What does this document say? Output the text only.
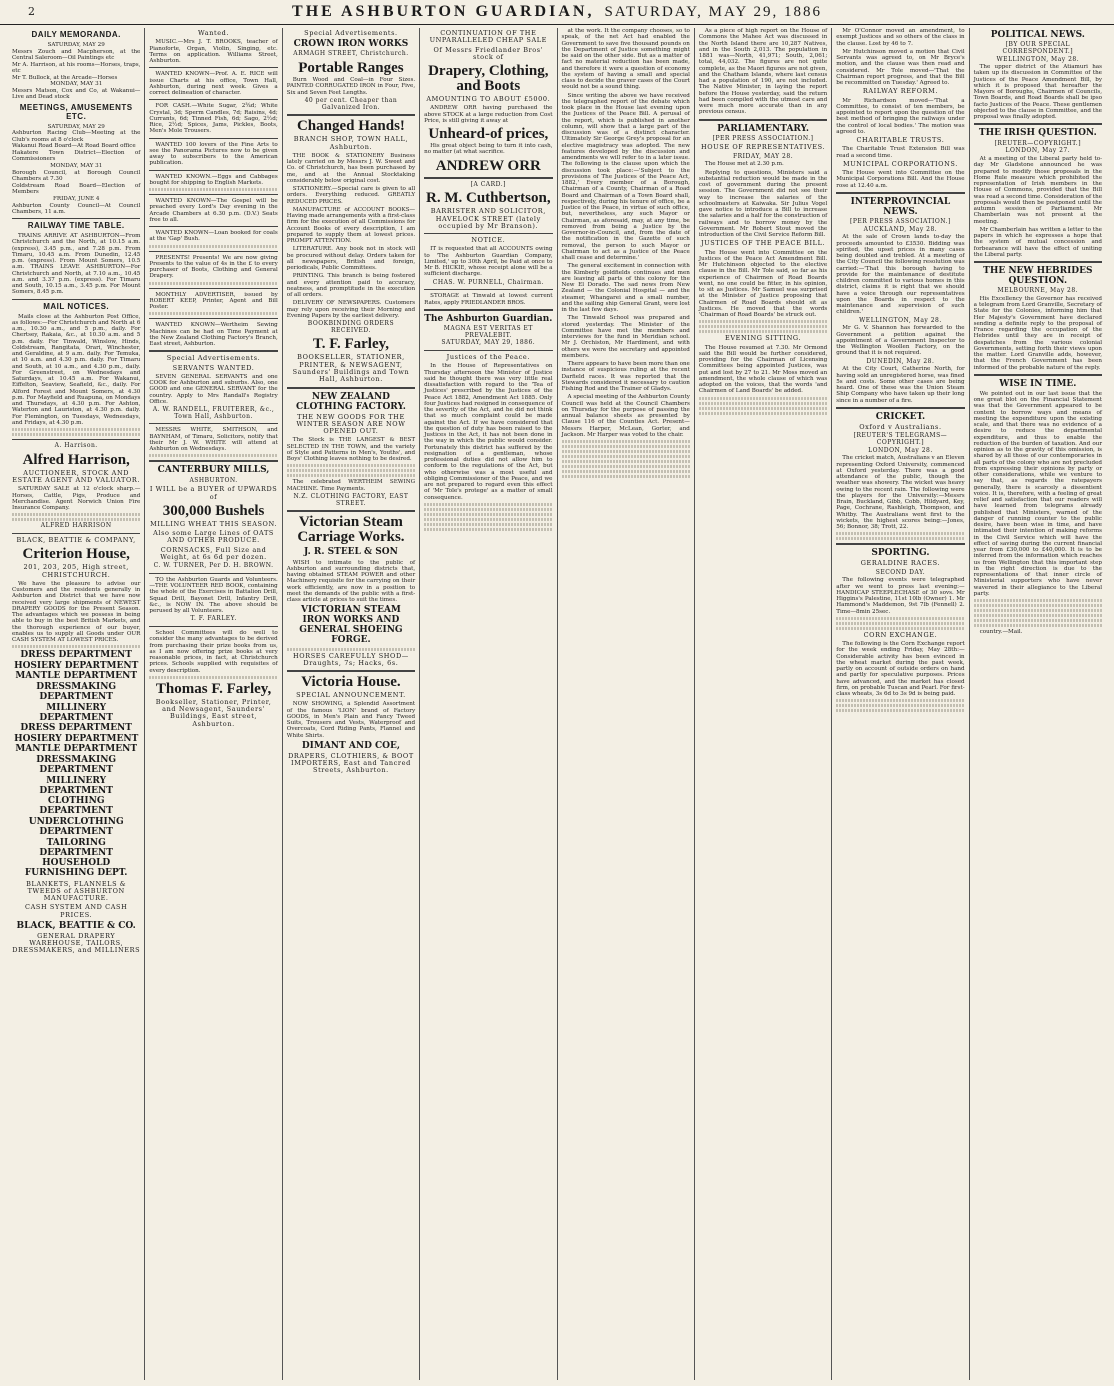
2	THE ASHBURTON GUARDIAN, SATURDAY, MAY 29, 1886
DAILY MEMORANDA.
SATURDAY, MAY 29
Messrs Zouch and Macpherson, at the Central Saleroom—Oil Paintings etc
Mr A. Harrison, at his rooms—Horses, traps, etc
Mr T. Bullock, at the Arcade—Horses
MONDAY, MAY 31
Messrs Matson, Cox and Co, at Wakanui—Live and Dead stock
MEETINGS, AMUSEMENTS ETC.
SATURDAY, MAY 29
Ashburton Racing Club—Meeting at the Club's rooms at 8 o'clock
Wakanui Road Board—At Road Board office
Hakatere Town District—Election of Commissioners
MONDAY, MAY 31
Borough Council, at Borough Council Chambers at 7.30
Coldstream Road Board—Election of Members
FRIDAY, JUNE 4
Ashburton County Council—At Council Chambers, 11 a.m.
RAILWAY TIME TABLE.

TRAINS ARRIVE AT ASHBURTON—From Christchurch and the North, at 10.15 a.m. (express), 3.45 p.m., and 7.28 p.m. From Timaru, 10.45 a.m. From Dunedin, 12.45 p.m. (express). From Mount Somers, 10.5 a.m. TRAINS LEAVE ASHBURTON—For Christchurch and North, at 7.10 a.m., 10.45 a.m. and 3.37 p.m. (express). For Timaru and South, 10.15 a.m., 3.45 p.m. For Mount Somers, 8.45 p.m.

MAIL NOTICES.

Mails close at the Ashburton Post Office, as follows:—For Christchurch and North at 6 a.m., 10.30 a.m., and 5 p.m., daily. For Chertsey, Rakaia, &c., at 10.30 a.m. and 5 p.m. daily. For Tinwald, Winslow, Hinds, Coldstream, Rangitata, Orari, Winchester, and Geraldine, at 9 a.m. daily. For Temuka, at 10 a.m. and 4.30 p.m. daily. For Timaru and South, at 10 a.m., and 4.30 p.m., daily. For Greenstreet, on Wednesdays and Saturdays, at 10.45 a.m. For Wakanui, Eiffelton, Seaview, Seafield, &c., daily. For Alford Forest and Mount Somers, at 4.30 p.m. For Mayfield and Ruapuna, on Mondays and Thursdays, at 4.30 p.m. For Ashton, Waterton and Lauriston, at 4.30 p.m. daily. For Flemington, on Tuesdays, Wednesdays, and Fridays, at 4.30 p.m.

A. Harrison.
Alfred Harrison,
AUCTIONEER, STOCK AND ESTATE AGENT AND VALUATOR.

SATURDAY SALE at 12 o'clock sharp.—Horses, Cattle, Pigs, Produce and Merchandise. Agent Norwich Union Fire Insurance Company.

ALFRED HARRISON
BLACK, BEATTIE & COMPANY,
Criterion House,
201, 203, 205, High street, CHRISTCHURCH.

We have the pleasure to advise our Customers and the residents generally in Ashburton and District that we have now received very large shipments of NEWEST DRAPERY GOODS for the Present Season. The advantages which we possess in being able to buy in the best British Markets, and the thorough experience of our buyer, enables us to supply all Goods under OUR CASH SYSTEM AT LOWEST PRICES.

DRESS DEPARTMENT
HOSIERY DEPARTMENT
MANTLE DEPARTMENT
DRESSMAKING DEPARTMENT
MILLINERY DEPARTMENT
DRESS DEPARTMENT
HOSIERY DEPARTMENT
MANTLE DEPARTMENT
DRESSMAKING DEPARTMENT
MILLINERY DEPARTMENT
CLOTHING DEPARTMENT
UNDERCLOTHING DEPARTMENT
TAILORING DEPARTMENT
HOUSEHOLD FURNISHING DEPT.
BLANKETS, FLANNELS & TWEEDS of ASHBURTON MANUFACTURE.
CASH SYSTEM AND CASH PRICES.
BLACK, BEATTIE & CO.
GENERAL DRAPERY WAREHOUSE, TAILORS, DRESSMAKERS, and MILLINERS
Wanted.

MUSIC.—Mrs J. T. BROOKS, teacher of Pianoforte, Organ, Violin, Singing, etc. Terms on application. Williams Street, Ashburton.

WANTED KNOWN—Prof. A. E. RICE will issue Charts at his office, Town Hall, Ashburton, during next week. Gives a correct delineation of character.

FOR CASH.—White Sugar, 2¾d; White Crystal, 3d; Sperm Candles, 7d; Raisins, 4d; Currants, 6d; Tinned Fish, 6d; Sago, 2½d; Rice, 2½d; Spices, Jams, Pickles, Boots, Men's Mole Trousers.

WANTED 100 lovers of the Fine Arts to see the Panorama Pictures now to be given away to subscribers to the American publication.

WANTED KNOWN.—Eggs and Cabbages bought for shipping to English Markets.

WANTED KNOWN—The Gospel will be preached every Lord's Day evening in the Arcade Chambers at 6.30 p.m. (D.V.) Seats free to all.

WANTED KNOWN—Loan booked for coals at the 'Gap' Bush.

PRESENTS! Presents! We are now giving Presents to the value of 4s in the £ to every purchaser of Boots, Clothing and General Drapery.

MONTHLY ADVERTISER, issued by ROBERT KEEP, Printer, Agent and Bill Poster.

WANTED KNOWN—Wertheim Sewing Machines can be had on Time Payment at the New Zealand Clothing Factory's Branch, East street, Ashburton.

Special Advertisements.
SERVANTS WANTED.

SEVEN GENERAL SERVANTS and one COOK for Ashburton and suburbs. Also, one GOOD and one GENERAL SERVANT for the country. Apply to Mrs Randall's Registry Office.

A. W. RANDELL, FRUITERER, &c., Town Hall, Ashburton.

MESSRS WHITE, SMITHSON, and BAYNHAM, of Timaru, Solicitors, notify that their Mr J. W. WHITE will attend at Ashburton on Wednesdays.

CANTERBURY MILLS,
ASHBURTON.
I WILL be a BUYER of UPWARDS of
300,000 Bushels
MILLING WHEAT THIS SEASON.
Also some Large Lines of OATS AND OTHER PRODUCE.
CORNSACKS, Full Size and Weight, at 6s 6d per dozen.
C. W. TURNER, Per D. H. BROWN.

TO the Ashburton Guards and Volunteers.—THE VOLUNTEER RED BOOK, containing the whole of the Exercises in Battalion Drill, Squad Drill, Bayonet Drill, Infantry Drill, &c., is NOW IN. The above should be perused by all Volunteers.

T. F. FARLEY.

School Committees will do well to consider the many advantages to be derived from purchasing their prize books from us, as I am now offering prize books at very reasonable prices, in fact, at Christchurch prices. Schools supplied with requisites of every description.

Thomas F. Farley,
Bookseller, Stationer, Printer, and Newsagent, Saunders' Buildings, East street, Ashburton.
Special Advertisements.
CROWN IRON WORKS
ARMAGH STREET, Christchurch.
Portable Ranges

Burn Wood and Coal—in Four Sizes. PAINTED CORRUGATED IRON in Four, Five, Six and Seven Feet Lengths.

40 per cent. Cheaper than Galvanized Iron.
Changed Hands!
BRANCH SHOP, TOWN HALL, Ashburton.

THE BOOK & STATIONERY Business lately carried on by Messrs J. W. Sweet and Co. of Christchurch, has been purchased by me, and at the Annual Stocktaking considerably below original cost.

STATIONERY.—Special care is given to all orders. Everything reduced. GREATLY REDUCED PRICES.

MANUFACTURE of ACCOUNT BOOKS—Having made arrangements with a first-class firm for the execution of all Commissions for Account Books of every description, I am prepared to supply them at lowest prices. PROMPT ATTENTION.

LITERATURE. Any book not in stock will be procured without delay. Orders taken for all newspapers, British and foreign, periodicals, Public Committees.

PRINTING. This branch is being fostered and every attention paid to accuracy, neatness, and promptitude in the execution of all orders.

DELIVERY OF NEWSPAPERS. Customers may rely upon receiving their Morning and Evening Papers by the earliest delivery.

BOOKBINDING ORDERS RECEIVED.
T. F. Farley,
BOOKSELLER, STATIONER, PRINTER, & NEWSAGENT, Saunders' Buildings and Town Hall, Ashburton.
NEW ZEALAND CLOTHING FACTORY.
THE NEW GOODS FOR THE WINTER SEASON ARE NOW OPENED OUT.

The Stock is THE LARGEST & BEST SELECTED IN THE TOWN, and the variety of Style and Patterns in Men's, Youths', and Boys' Clothing leaves nothing to be desired.

The celebrated WERTHEIM SEWING MACHINE. Time Payments.

N.Z. CLOTHING FACTORY, EAST STREET.
Victorian Steam Carriage Works.
J. R. STEEL & SON

WISH to intimate to the public of Ashburton and surrounding districts that, having obtained STEAM POWER and other Machinery requisite for the carrying on their work efficiently, are now in a position to meet the demands of the public with a first-class article at prices to suit the times.

VICTORIAN STEAM IRON WORKS AND GENERAL SHOEING FORGE.
HORSES CAREFULLY SHOD—Draughts, 7s; Hacks, 6s.
Victoria House.
SPECIAL ANNOUNCEMENT.

NOW SHOWING, a Splendid Assortment of the famous 'LION' brand of Factory GOODS, in Men's Plain and Fancy Tweed Suits, Trousers and Vests, Waterproof and Overcoats, Cord Riding Pants, Flannel and White Shirts.

DIMANT AND COE,
DRAPERS, CLOTHIERS, & BOOT IMPORTERS, East and Tancred Streets, Ashburton.
CONTINUATION OF THE UNPARALLELED CHEAP SALE
Of Messrs Friedlander Bros' stock of
Drapery, Clothing, and Boots
AMOUNTING TO ABOUT £5000.

ANDREW ORR having purchased the above STOCK at a large reduction from Cost Price, is still giving it away at

Unheard-of prices,

His great object being to turn it into cash, no matter (at what sacrifice.

ANDREW ORR
[A CARD.]
R. M. Cuthbertson,
BARRISTER AND SOLICITOR, HAVELOCK STREET (lately occupied by Mr Branson).
NOTICE.

IT is requested that all ACCOUNTS owing to 'The Ashburton Guardian Company, Limited,' up to 30th April, be Paid at once to Mr B. HICKIE, whose receipt alone will be a sufficient discharge.

CHAS. W. PURNELL, Chairman.

STORAGE at Tinwald at lowest current Rates, apply FRIEDLANDER BROS.

The Ashburton Guardian.
MAGNA EST VERITAS ET PREVALEBIT.
SATURDAY, MAY 29, 1886.
Justices of the Peace.

In the House of Representatives on Thursday afternoon the Minister of Justice said he thought there was very little real dissatisfaction with regard to the 'Tea of Justices' prescribed by the Justices of the Peace Act 1882, Amendment Act 1885. Only four Justices had resigned in consequence of the severity of the Act, and he did not think that so much complaint could be made against the Act. If we have considered that the question of duty has been raised to the Justices in the Act, it has not been done in the way in which the public would consider. Fortunately this district has suffered by the resignation of a gentleman, whose professional duties did not allow him to conform to the regulations of the Act, but who otherwise was a most useful and obliging Commissioner of the Peace, and we are not prepared to regard even this effect of 'Mr Tole's protege' as a matter of small consequence.

at the work. It the company chooses, so to speak, of the net Act had enabled the Government to save five thousand pounds on the Department of Justice something might be said on the other side. But as a matter of fact no material reduction has been made, and therefore it were a question of economy the system of having a small and special class to decide the graver cases of the Court would not be a sound thing.

Since writing the above we have received the telegraphed report of the debate which took place in the House last evening upon the Justices of the Peace Bill. A perusal of the report, which is published in another column, will show that a large part of the discussion was of a distinct character. Ultimately Sir George Grey's proposal for an elective magistracy was adopted. The new features developed by the discussion and amendments we will refer to in a later issue. The following is the clause upon which the discussion took place:—'Subject to the provisions of The Justices of the Peace Act, 1882,' Every member of a Borough, Chairman of a County, Chairman of a Road Board and Chairman of a Town Board shall, respectively, during his tenure of office, be a Justice of the Peace, in virtue of such office, but, nevertheless, any such Mayor or Chairman, as aforesaid, may, at any time, be removed from being a Justice by the Governor-in-Council, and, from the date of the notification in the Gazette of such removal, the person to such Mayor or Chairman to act as a Justice of the Peace shall cease and determine.'

The general excitement in connection with the Kimberly goldfields continues and men are leaving all parts of this colony for the New El Dorado. The sad news from New Zealand — the Colonial Hospital — and the steamer, Whangarei and a small number, and the sailing ship General Grant, were lost in the last few days.

The Tinwald School was prepared and stored yesterday. The Minister of the Committee have met the members and interviews for the fund in Meridian school. Mr J. Orchiston, Mr Hardiment, and with others we were the secretary and appointed members.

There appears to have been more than one instance of suspicious ruling at the recent Darfield races. It was reported that the Stewards considered it necessary to caution Fishing Rod and the Trainer of Gladys.

A special meeting of the Ashburton County Council was held at the Council Chambers on Thursday for the purpose of passing the annual balance sheets as presented by Clause 116 of the Counties Act. Present—Messrs Harper, McLean, Gorter, and Jackson. Mr Harper was voted to the chair.

As a piece of high report on the House of Commons the Mahee Act was discussed in the North Island there are 10,287 Natives, and in the South 2,013. The population in 1881 was—North, 41,971; South, 2,061; total, 44,032. The figures are not quite complete, as the Maori figures are not given, and the Chatham Islands, where last census had a population of 190, are not included. The Native Minister, in laying the report before the House yesterday, said the return had been compiled with the utmost care and were much more accurate than in any previous census.

PARLIAMENTARY.
[PER PRESS ASSOCIATION.]
HOUSE OF REPRESENTATIVES.
FRIDAY, MAY 28.

The House met at 2.30 p.m.

Replying to questions, Ministers said a substantial reduction would be made in the cost of government during the present session. The Government did not see their way to increase the salaries of the schoolmasters at Kaiwaka. Sir Julius Vogel gave notice to introduce a Bill to increase the salaries and a half for the construction of railways and to borrow money by the Government. Mr Robert Stout moved the introduction of the Civil Service Reform Bill.

JUSTICES OF THE PEACE BILL.

The House went into Committee on the Justices of the Peace Act Amendment Bill. Mr Hutchinson objected to the elective clause in the Bill. Mr Tole said, so far as his experience of Chairmen of Road Boards went, no one could be fitter, in his opinion, to sit as Justices. Mr Samuel was surprised at the Minister of Justice proposing that Chairmen of Road Boards should sit as Justices. He moved that the words 'Chairman of Road Boards' be struck out.

EVENING SITTING.

The House resumed at 7.30. Mr Ormond said the Bill would be further considered, providing for the Chairman of Licensing Committees being appointed Justices, was put and lost by 27 to 21. Mr Moss moved an amendment, the whole clause of which was adopted on the voices, that the words 'and Chairmen of Land Boards' be added.

Mr O'Connor moved an amendment, to exempt Justices and so others of the class in the clause. Lost by 46 to 7.

Mr Hutchinson moved a motion that Civil Servants was agreed to, on Mr Bryce's motion, and the clause was then read and considered. Mr Tole moved—'That the Chairman report progress, and that the Bill be recommitted on Tuesday.' Agreed to.

RAILWAY REFORM.

Mr Richardson moved—'That a Committee, to consist of ten members, be appointed to report upon the question of the best method of bringing the railways under the control of local bodies.' The motion was agreed to.

CHARITABLE TRUSTS.

The Charitable Trust Extension Bill was read a second time.

MUNICIPAL CORPORATIONS.

The House went into Committee on the Municipal Corporations Bill. And the House rose at 12.40 a.m.

INTERPROVINCIAL NEWS.
[PER PRESS ASSOCIATION.]
AUCKLAND, May 28.

At the sale of Crown lands to-day the proceeds amounted to £3530. Bidding was spirited, the upset prices in many cases being doubled and trebled. At a meeting of the City Council the following resolution was carried:—'That this borough having to provide for the maintenance of destitute children committed to various homes in this district, claims it is right that we should have a voice through our representatives upon the Boards in respect to the maintenance and supervision of such children.'

WELLINGTON, May 28.

Mr G. V. Shannon has forwarded to the Government a petition against the appointment of a Government Inspector to the Wellington Woollen Factory, on the ground that it is not required.

DUNEDIN, May 28.

At the City Court, Catherine North, for having sold an unregistered horse, was fined 5s and costs. Some other cases are being heard. One of these was the Union Steam Ship Company who have taken up their long since in a number of a fire.

CRICKET.
Oxford v Australians.
[REUTER'S TELEGRAMS—COPYRIGHT.]
LONDON, May 28.

The cricket match, Australians v an Eleven representing Oxford University, commenced at Oxford yesterday. There was a good attendance of the public, though the weather was showery. The wicket was heavy owing to the recent rain. The following were the players for the University:—Messrs Brain, Buckland, Gibb, Cobb, Hildyard, Key, Page, Cochrane, Rashleigh, Thompson, and Whitby. The Australians went first to the wickets, the highest scores being:—Jones, 56; Bonnor, 38; Trott, 22.

SPORTING.
GERALDINE RACES.
SECOND DAY.

The following events were telegraphed after we went to press last evening:—HANDICAP STEEPLECHASE of 30 sovs. Mr Higgins's Palestine, 11st 10lb (Owner) 1. Mr Hammond's Maddemon, 9st 7lb (Fennell) 2. Time—8min 25sec.

CORN EXCHANGE.

The following is the Corn Exchange report for the week ending Friday, May 28th:—Considerable activity has been evinced in the wheat market during the past week, partly on account of outside orders on hand and partly for speculative purposes. Prices have advanced, and the market has closed firm, on probable Tuscan and Pearl. For first-class wheats, 3s 6d to 3s 9d is being paid.

POLITICAL NEWS.
[BY OUR SPECIAL CORRESPONDENT.]
WELLINGTON, May 28.

The upper district of the Atiamuri has taken up its discussion in Committee of the Justices of the Peace Amendment Bill, by which it is proposed that hereafter the Mayors of Boroughs, Chairmen of Councils, Town Boards, and Road Boards shall be ipso facto Justices of the Peace. These gentlemen objected to the clause in Committee, and the proposal was finally adopted.

THE IRISH QUESTION.
[REUTER—COPYRIGHT.]
LONDON, May 27.

At a meeting of the Liberal party held to-day Mr Gladstone announced he was prepared to modify those proposals in the Home Rule measure which prohibited the representation of Irish members in the House of Commons, provided that the Bill was read a second time. Consideration of the proposals would then be postponed until the autumn session of Parliament. Mr Chamberlain was not present at the meeting.

Mr Chamberlain has written a letter to the papers in which he expresses a hope that the system of mutual concession and forbearance will have the effect of uniting the Liberal party.

THE NEW HEBRIDES QUESTION.
MELBOURNE, May 28.

His Excellency the Governor has received a telegram from Lord Granville, Secretary of State for the Colonies, informing him that Her Majesty's Government have declared sending a definite reply to the proposal of France regarding the occupation of the Hebrides until they are in receipt of despatches from the various colonial Governments, setting forth their views upon the matter. Lord Granville adds, however, that the French Government has been informed of the probable nature of the reply.

WISE IN TIME.

We pointed out in our last issue that the one great blot on the Financial Statement was that the Government appeared to be content to borrow ways and means of meeting the expenditure upon the existing scale, and that there was no evidence of a desire to reduce the departmental expenditure, and thus to enable the reduction of the burden of taxation. And our opinion as to the gravity of this omission, is shared by all those of our contemporaries in all parts of the colony who are not precluded from expressing their opinions by party or other considerations, while we venture to say that, as regards the ratepayers generally, there is scarcely a dissentient voice. It is, therefore, with a feeling of great relief and satisfaction that our readers will have learned from telegrams already published that Ministers, warned of the danger of running counter to the public desire, have been wise in time, and have intimated their intention of making reforms in the Civil Service which will have the effect of saving during the current financial year from £30,000 to £40,000. It is to be inferred from the information which reaches us from Wellington that this important step in the right direction is due to the representations of that inner circle of Ministerial supporters who have never wavered in their allegiance to the Liberal party.

country.—Mail.
